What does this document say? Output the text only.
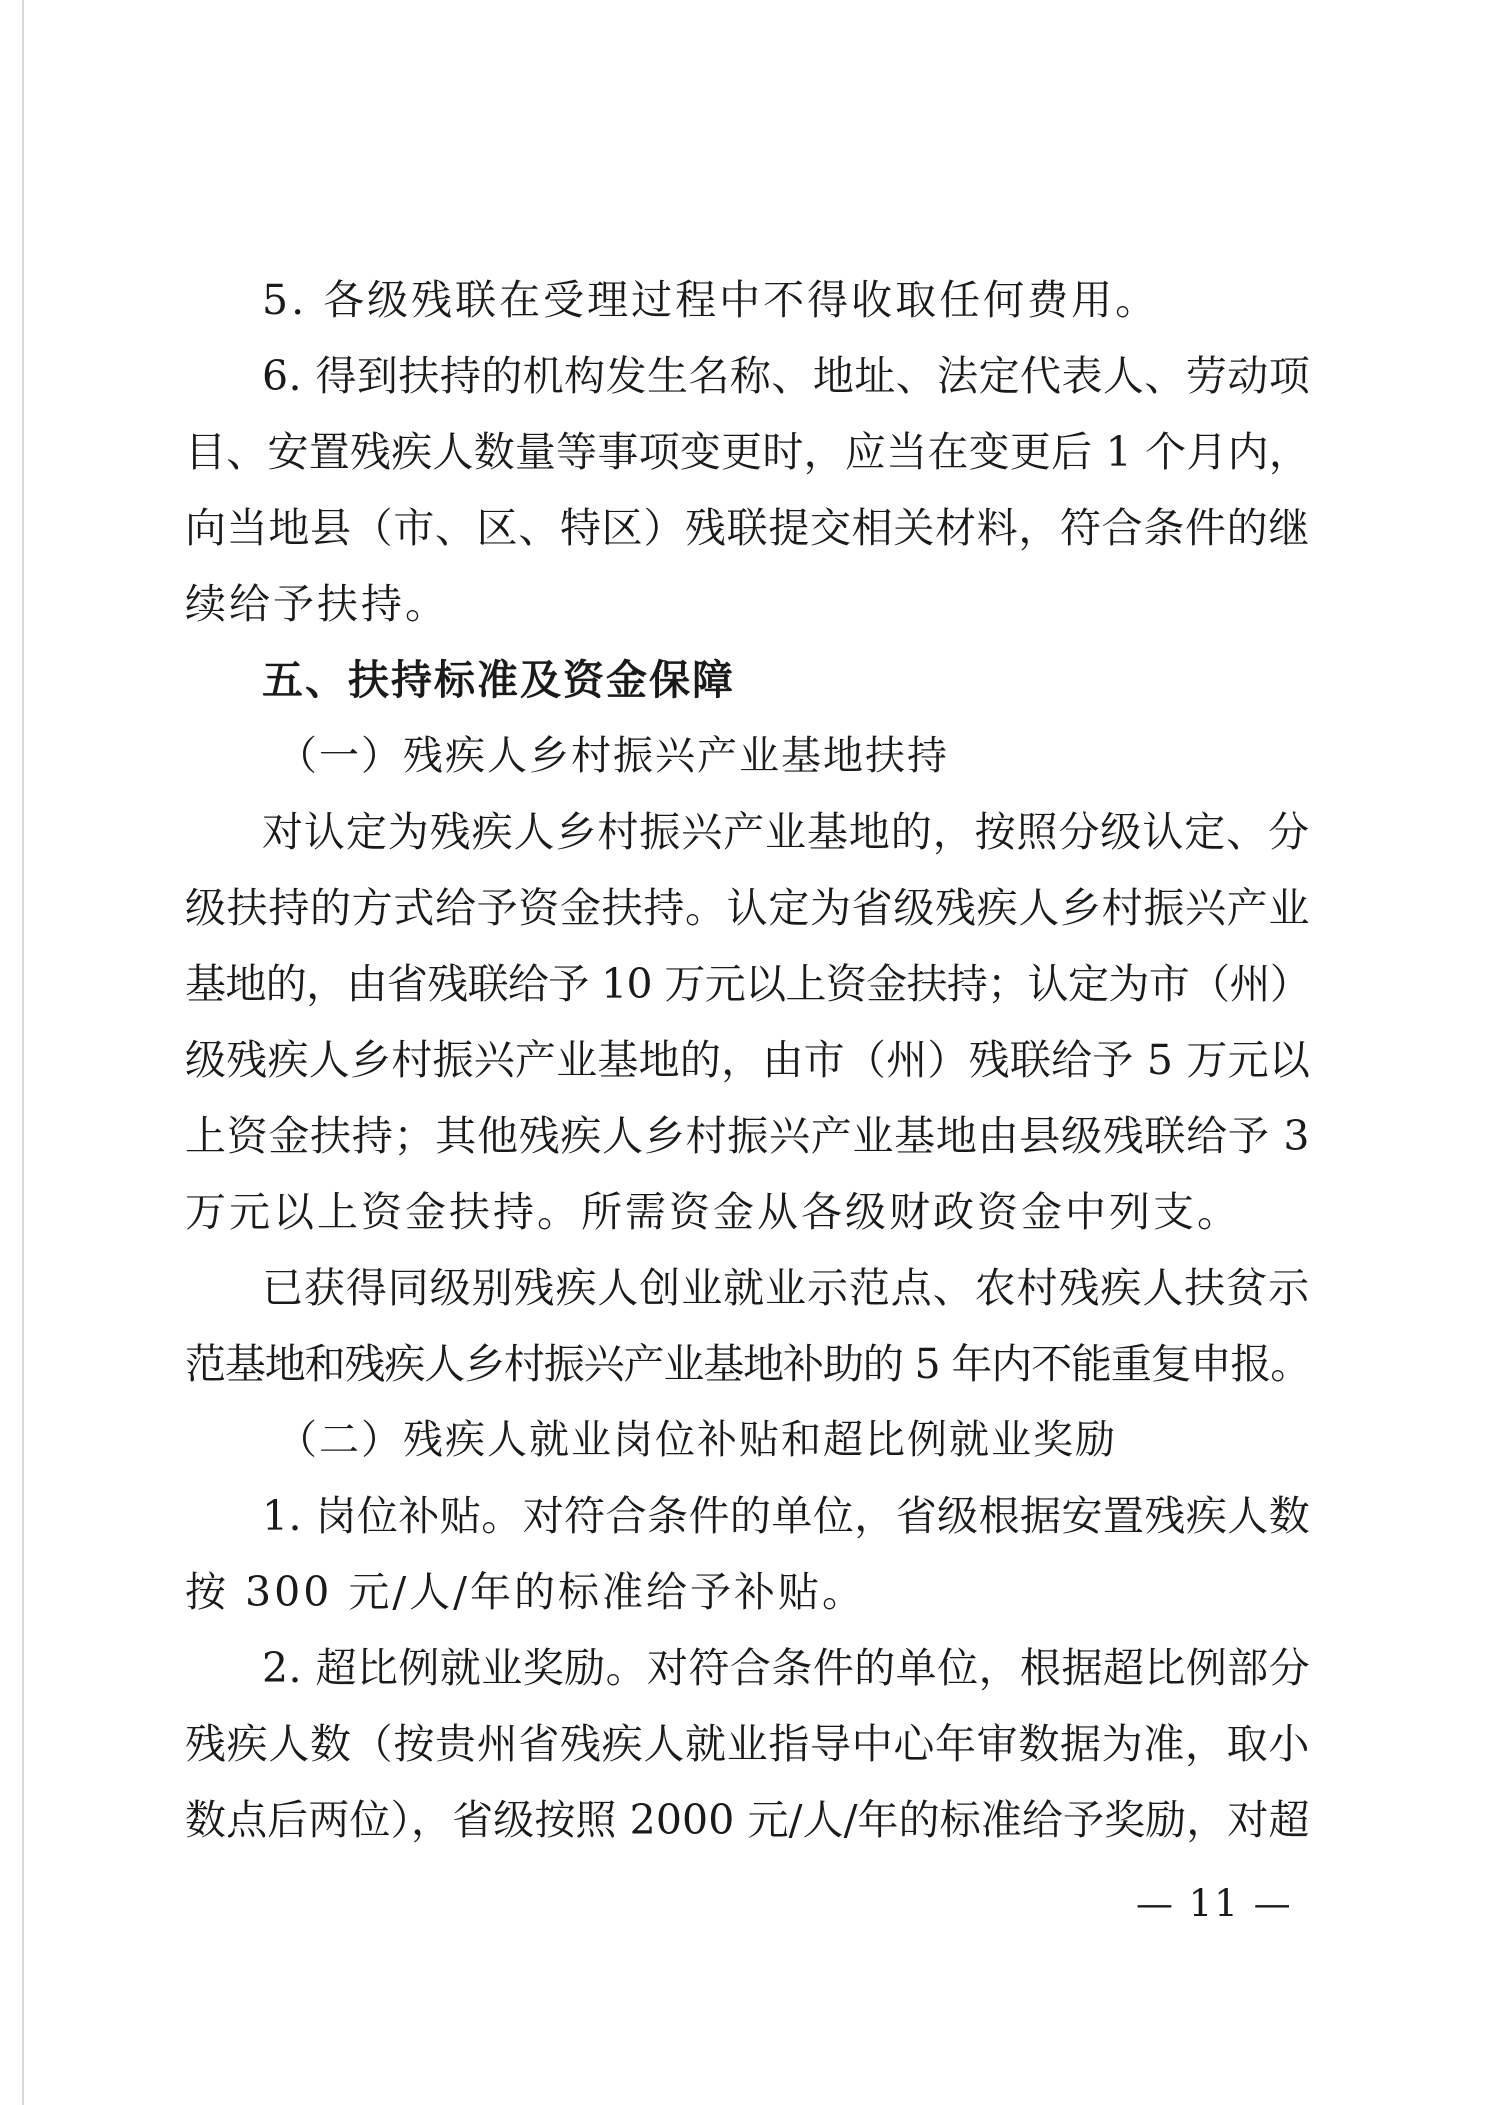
5. 各级残联在受理过程中不得收取任何费用。
6. 得到扶持的机构发生名称、地址、法定代表人、劳动项
目、安置残疾人数量等事项变更时，应当在变更后 1 个月内，
向当地县（市、区、特区）残联提交相关材料，符合条件的继
续给予扶持。
五、扶持标准及资金保障
（一）残疾人乡村振兴产业基地扶持
对认定为残疾人乡村振兴产业基地的，按照分级认定、分
级扶持的方式给予资金扶持。认定为省级残疾人乡村振兴产业
基地的，由省残联给予 10 万元以上资金扶持；认定为市（州）
级残疾人乡村振兴产业基地的，由市（州）残联给予 5 万元以
上资金扶持；其他残疾人乡村振兴产业基地由县级残联给予 3
万元以上资金扶持。所需资金从各级财政资金中列支。
已获得同级别残疾人创业就业示范点、农村残疾人扶贫示
范基地和残疾人乡村振兴产业基地补助的 5 年内不能重复申报。
（二）残疾人就业岗位补贴和超比例就业奖励
1. 岗位补贴。对符合条件的单位，省级根据安置残疾人数
按 300 元/人/年的标准给予补贴。
2. 超比例就业奖励。对符合条件的单位，根据超比例部分
残疾人数（按贵州省残疾人就业指导中心年审数据为准，取小
数点后两位），省级按照 2000 元/人/年的标准给予奖励，对超
— 11 —
